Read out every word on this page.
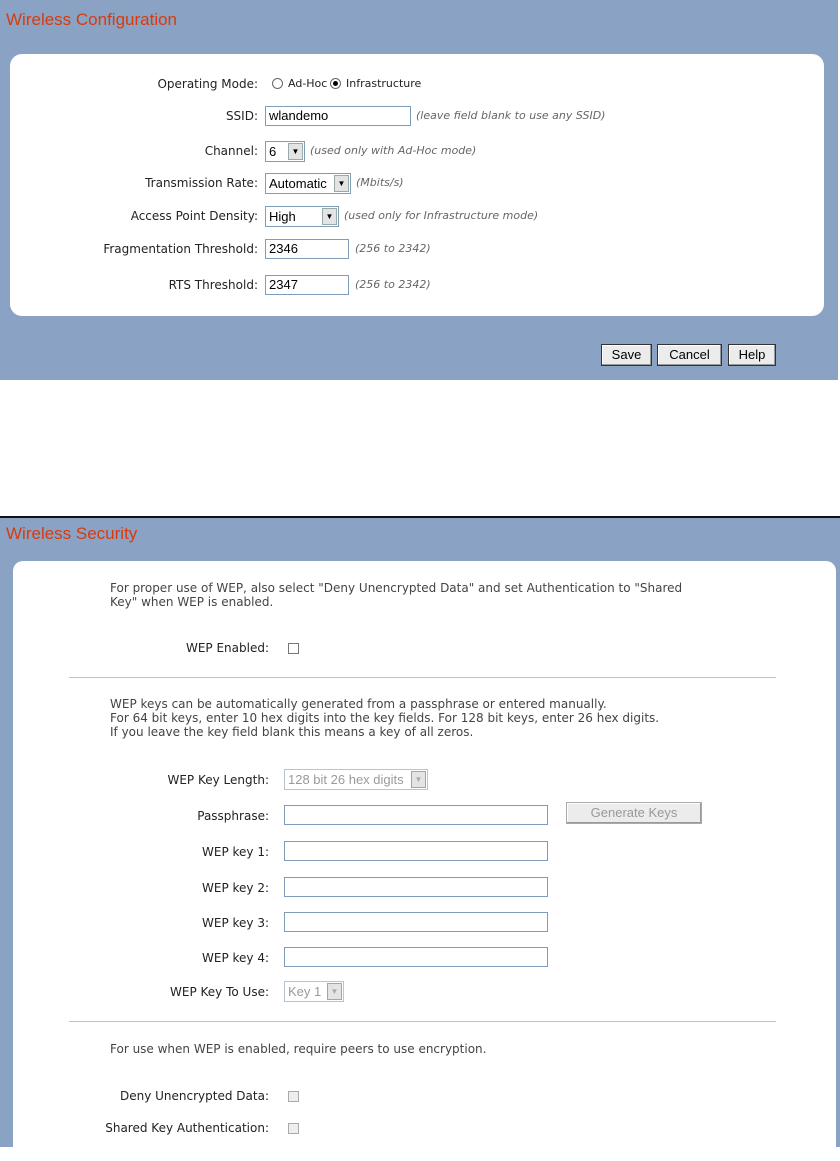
Wireless Configuration
Operating Mode:	Ad-Hoc Infrastructure
SSID: wlandemo	(leave field blank to use any SSID)
Channel: 6	▼ (used only with Ad-Hoc mode)
Transmission Rate: Automatic	▼ (Mbits/s)
Access Point Density: High	▼ (used only for Infrastructure mode)
Fragmentation Threshold: 2346	(256 to 2342)
RTS Threshold: 2347	(256 to 2342)
Save	Cancel	Help
Wireless Security
For proper use of WEP, also select "Deny Unencrypted Data" and set Authentication to "Shared
Key" when WEP is enabled.
WEP Enabled:
WEP keys can be automatically generated from a passphrase or entered manually.
For 64 bit keys, enter 10 hex digits into the key fields. For 128 bit keys, enter 26 hex digits.
If you leave the key field blank this means a key of all zeros.
WEP Key Length:	128 bit 26 hex digits	▼
Passphrase:	Generate Keys
WEP key 1:
WEP key 2:
WEP key 3:
WEP key 4:
WEP Key To Use:	Key 1	▼
For use when WEP is enabled, require peers to use encryption.
Deny Unencrypted Data:
Shared Key Authentication:
